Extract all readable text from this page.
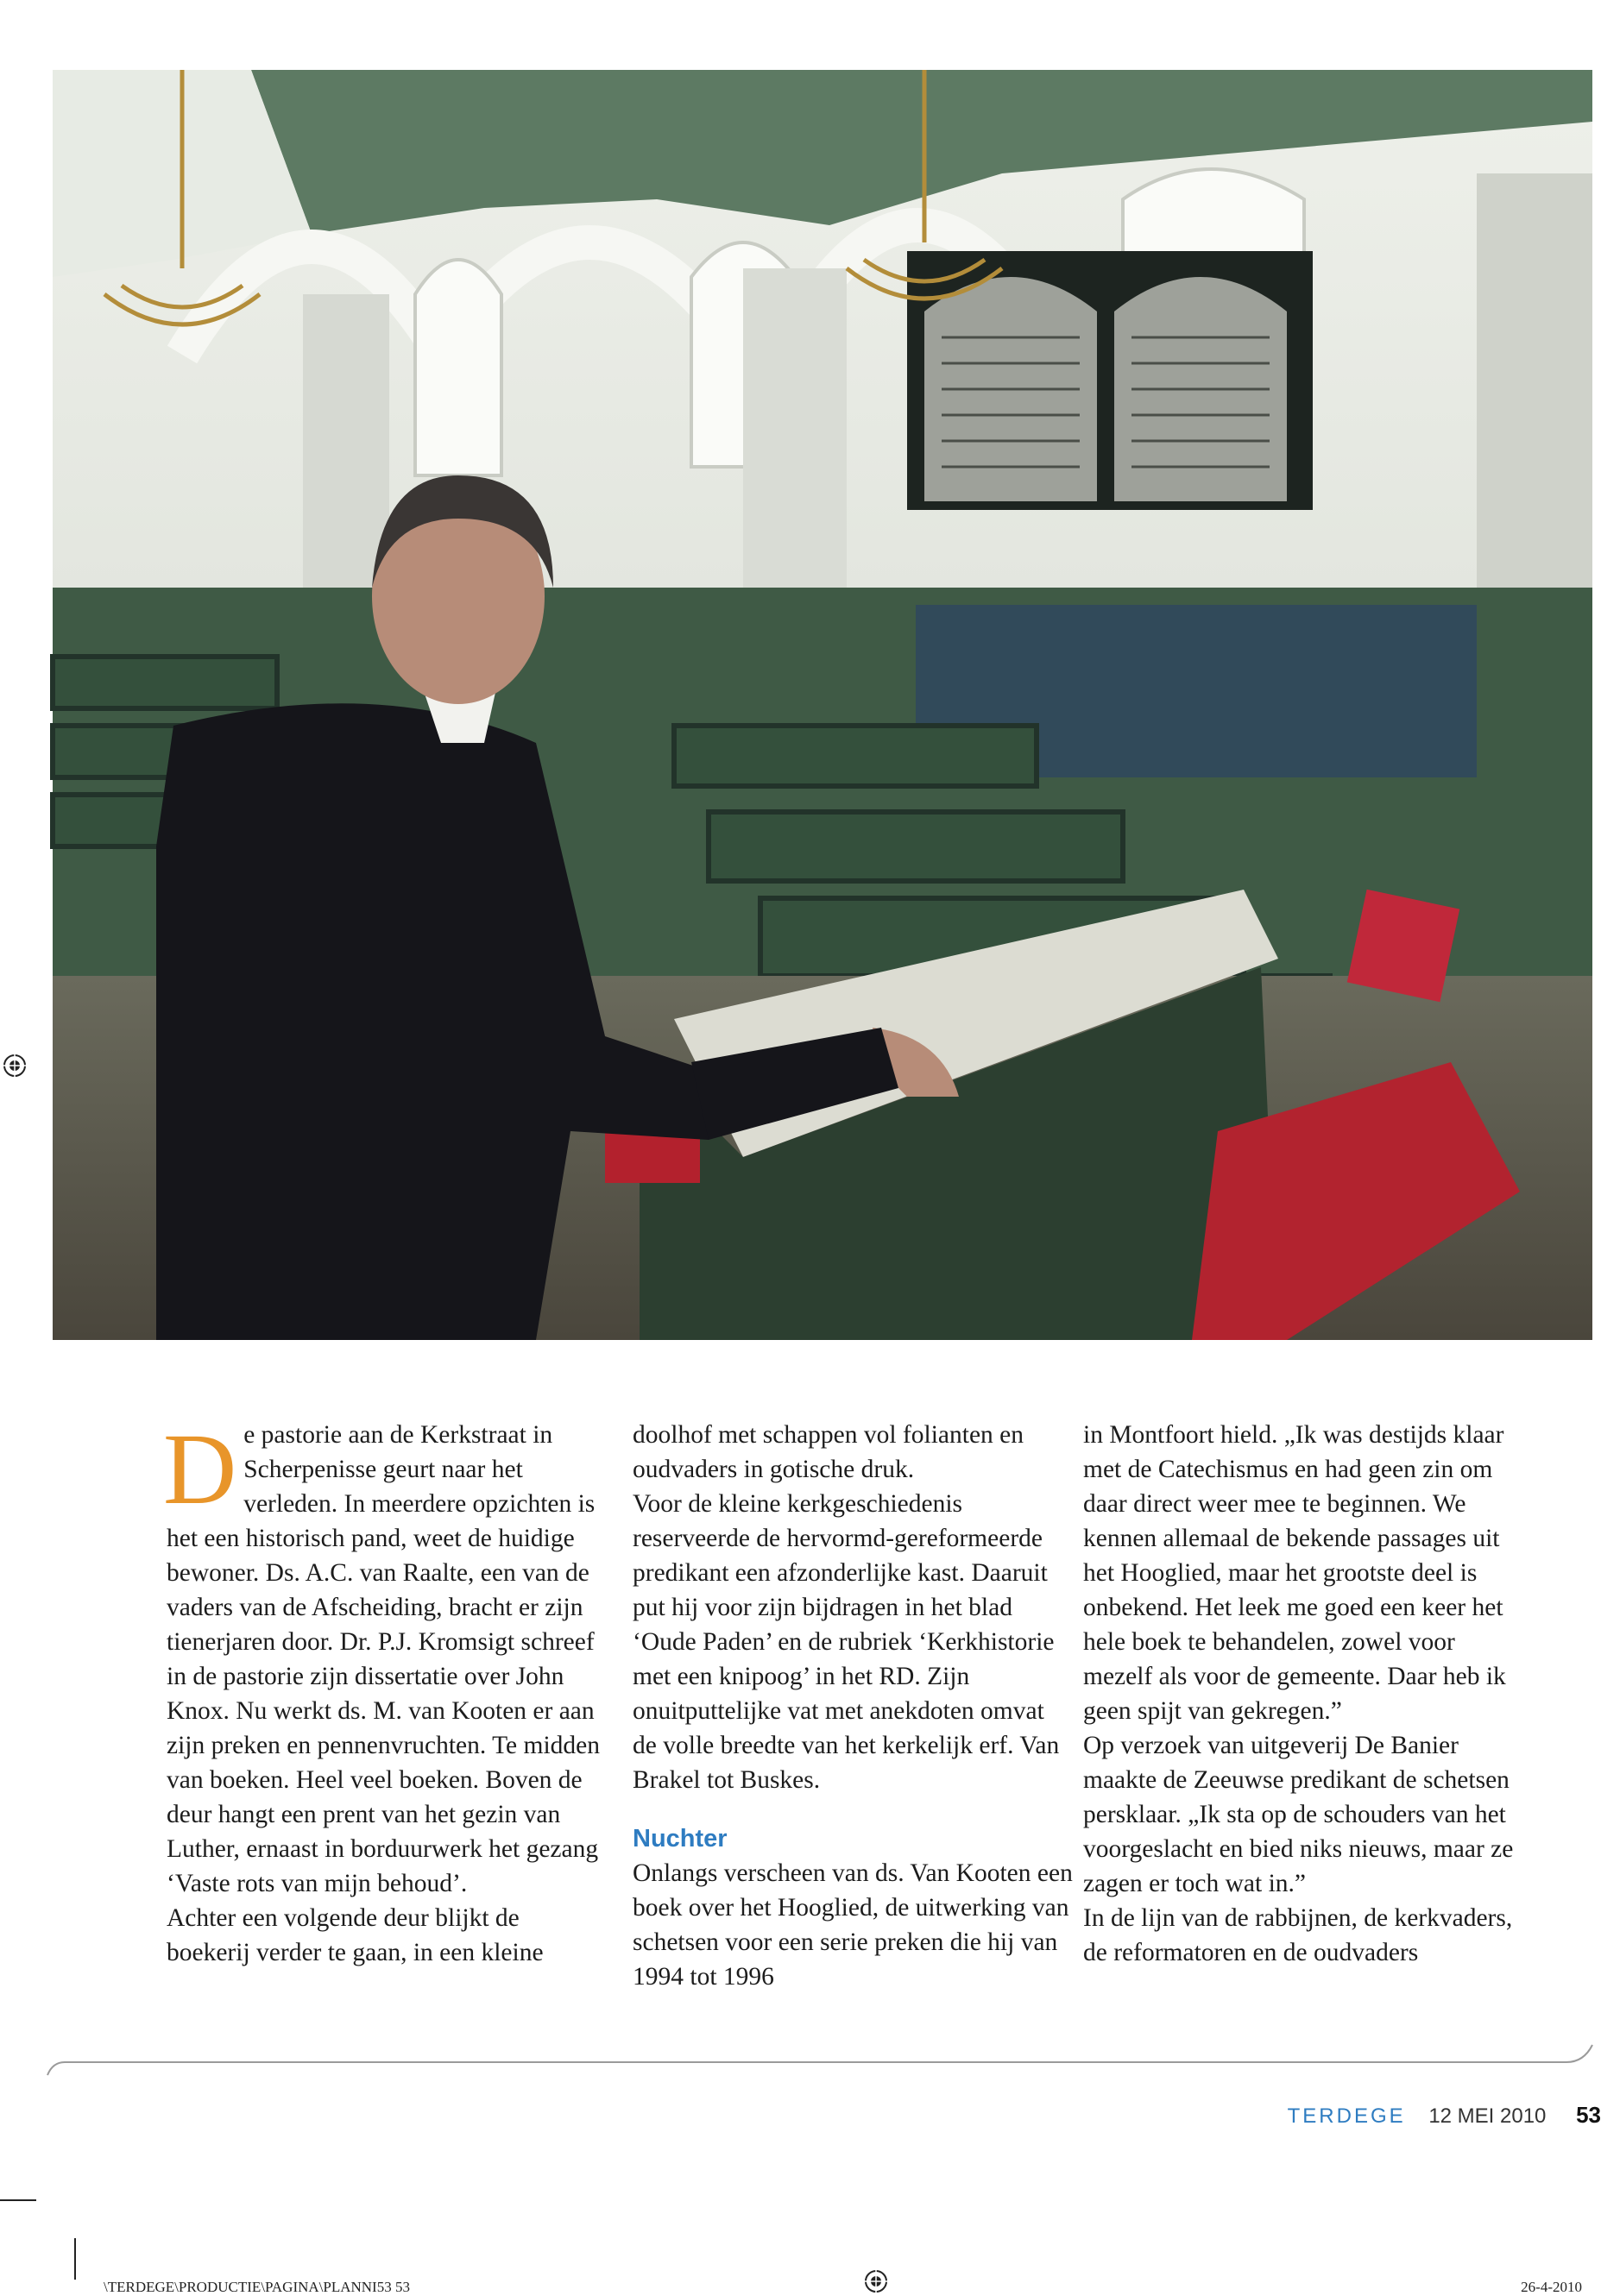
D e pastorie aan de Kerkstraat in Scherpenisse geurt naar het verleden. In meerdere opzichten is het een historisch pand, weet de huidige bewoner. Ds. A.C. van Raalte, een van de vaders van de Afscheiding, bracht er zijn tienerjaren door. Dr. P.J. Kromsigt schreef in de pastorie zijn dissertatie over John Knox. Nu werkt ds. M. van Kooten er aan zijn preken en pennenvruchten. Te midden van boeken. Heel veel boeken. Boven de deur hangt een prent van het gezin van Luther, ernaast in borduurwerk het gezang ‘Vaste rots van mijn behoud’.

Achter een volgende deur blijkt de boekerij verder te gaan, in een kleine

doolhof met schappen vol folianten en oudvaders in gotische druk.

Voor de kleine kerkgeschiedenis reserveerde de hervormd-gereformeerde predikant een afzonderlijke kast. Daaruit put hij voor zijn bijdragen in het blad ‘Oude Paden’ en de rubriek ‘Kerkhistorie met een knipoog’ in het RD. Zijn onuitputtelijke vat met anekdoten omvat de volle breedte van het kerkelijk erf. Van Brakel tot Buskes.

Nuchter

Onlangs verscheen van ds. Van Kooten een boek over het Hooglied, de uitwerking van schetsen voor een serie preken die hij van 1994 tot 1996

in Montfoort hield. „Ik was destijds klaar met de Catechismus en had geen zin om daar direct weer mee te beginnen. We kennen allemaal de bekende passages uit het Hooglied, maar het grootste deel is onbekend. Het leek me goed een keer het hele boek te behandelen, zowel voor mezelf als voor de gemeente. Daar heb ik geen spijt van gekregen.”

Op verzoek van uitgeverij De Banier maakte de Zeeuwse predikant de schetsen persklaar. „Ik sta op de schouders van het voorgeslacht en bied niks nieuws, maar ze zagen er toch wat in.”

In de lijn van de rabbijnen, de kerkvaders, de reformatoren en de oudvaders

TERDEGE 12 MEI 2010 53
\TERDEGE\PRODUCTIE\PAGINA\PLANNI53 53	26-4-2010
